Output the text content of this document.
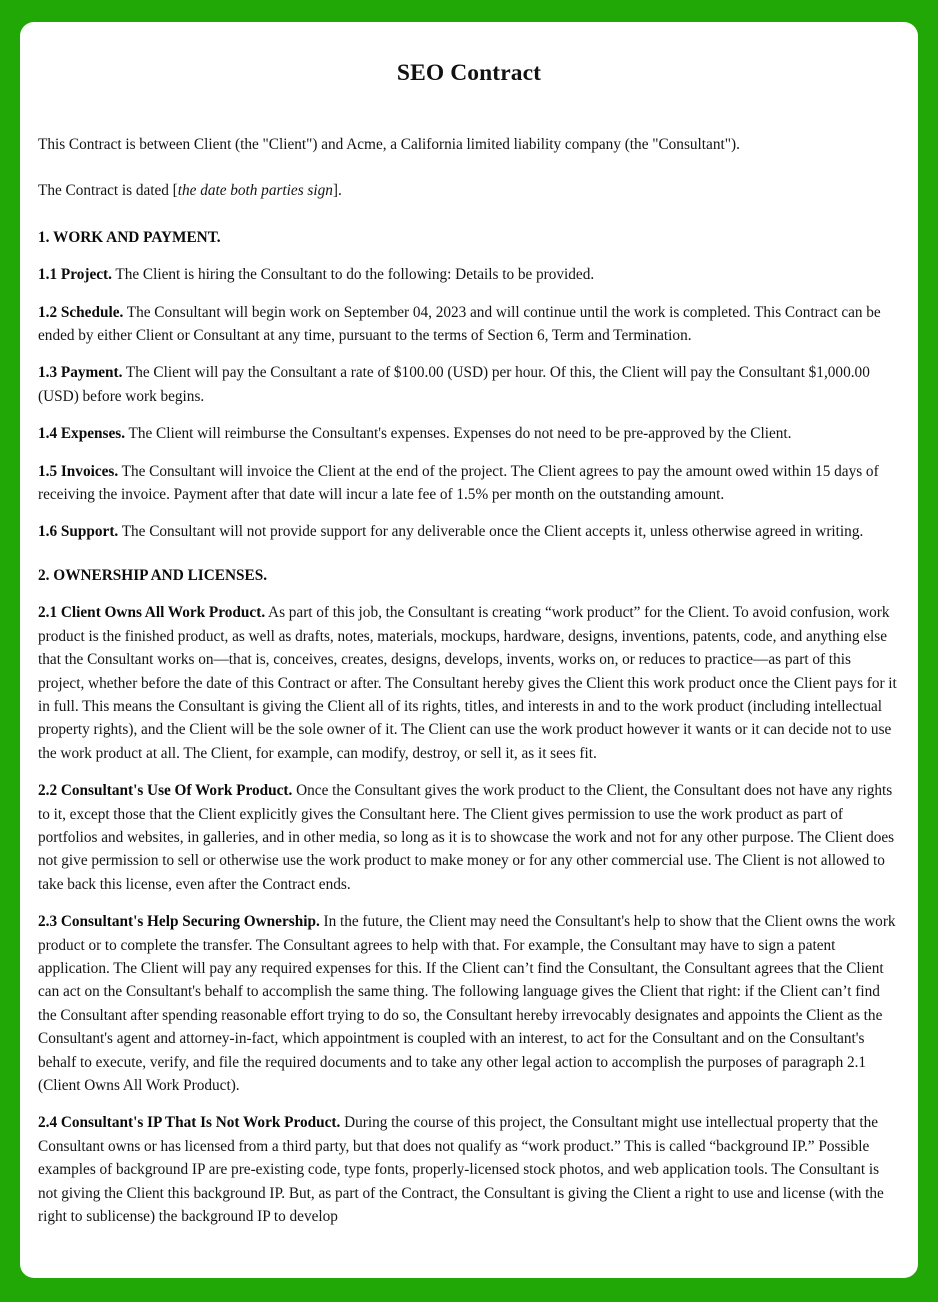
SEO Contract

This Contract is between Client (the "Client") and Acme, a California limited liability company (the "Consultant").

The Contract is dated [the date both parties sign].

1. WORK AND PAYMENT.

1.1 Project. The Client is hiring the Consultant to do the following: Details to be provided.

1.2 Schedule. The Consultant will begin work on September 04, 2023 and will continue until the work is completed. This Contract can be ended by either Client or Consultant at any time, pursuant to the terms of Section 6, Term and Termination.

1.3 Payment. The Client will pay the Consultant a rate of $100.00 (USD) per hour. Of this, the Client will pay the Consultant $1,000.00 (USD) before work begins.

1.4 Expenses. The Client will reimburse the Consultant's expenses. Expenses do not need to be pre-approved by the Client.

1.5 Invoices. The Consultant will invoice the Client at the end of the project. The Client agrees to pay the amount owed within 15 days of receiving the invoice. Payment after that date will incur a late fee of 1.5% per month on the outstanding amount.

1.6 Support. The Consultant will not provide support for any deliverable once the Client accepts it, unless otherwise agreed in writing.

2. OWNERSHIP AND LICENSES.

2.1 Client Owns All Work Product. As part of this job, the Consultant is creating “work product” for the Client. To avoid confusion, work product is the finished product, as well as drafts, notes, materials, mockups, hardware, designs, inventions, patents, code, and anything else that the Consultant works on—that is, conceives, creates, designs, develops, invents, works on, or reduces to practice—as part of this project, whether before the date of this Contract or after. The Consultant hereby gives the Client this work product once the Client pays for it in full. This means the Consultant is giving the Client all of its rights, titles, and interests in and to the work product (including intellectual property rights), and the Client will be the sole owner of it. The Client can use the work product however it wants or it can decide not to use the work product at all. The Client, for example, can modify, destroy, or sell it, as it sees fit.

2.2 Consultant's Use Of Work Product. Once the Consultant gives the work product to the Client, the Consultant does not have any rights to it, except those that the Client explicitly gives the Consultant here. The Client gives permission to use the work product as part of portfolios and websites, in galleries, and in other media, so long as it is to showcase the work and not for any other purpose. The Client does not give permission to sell or otherwise use the work product to make money or for any other commercial use. The Client is not allowed to take back this license, even after the Contract ends.

2.3 Consultant's Help Securing Ownership. In the future, the Client may need the Consultant's help to show that the Client owns the work product or to complete the transfer. The Consultant agrees to help with that. For example, the Consultant may have to sign a patent application. The Client will pay any required expenses for this. If the Client can’t find the Consultant, the Consultant agrees that the Client can act on the Consultant's behalf to accomplish the same thing. The following language gives the Client that right: if the Client can’t find the Consultant after spending reasonable effort trying to do so, the Consultant hereby irrevocably designates and appoints the Client as the Consultant's agent and attorney-in-fact, which appointment is coupled with an interest, to act for the Consultant and on the Consultant's behalf to execute, verify, and file the required documents and to take any other legal action to accomplish the purposes of paragraph 2.1 (Client Owns All Work Product).

2.4 Consultant's IP That Is Not Work Product. During the course of this project, the Consultant might use intellectual property that the Consultant owns or has licensed from a third party, but that does not qualify as “work product.” This is called “background IP.” Possible examples of background IP are pre-existing code, type fonts, properly-licensed stock photos, and web application tools. The Consultant is not giving the Client this background IP. But, as part of the Contract, the Consultant is giving the Client a right to use and license (with the right to sublicense) the background IP to develop
